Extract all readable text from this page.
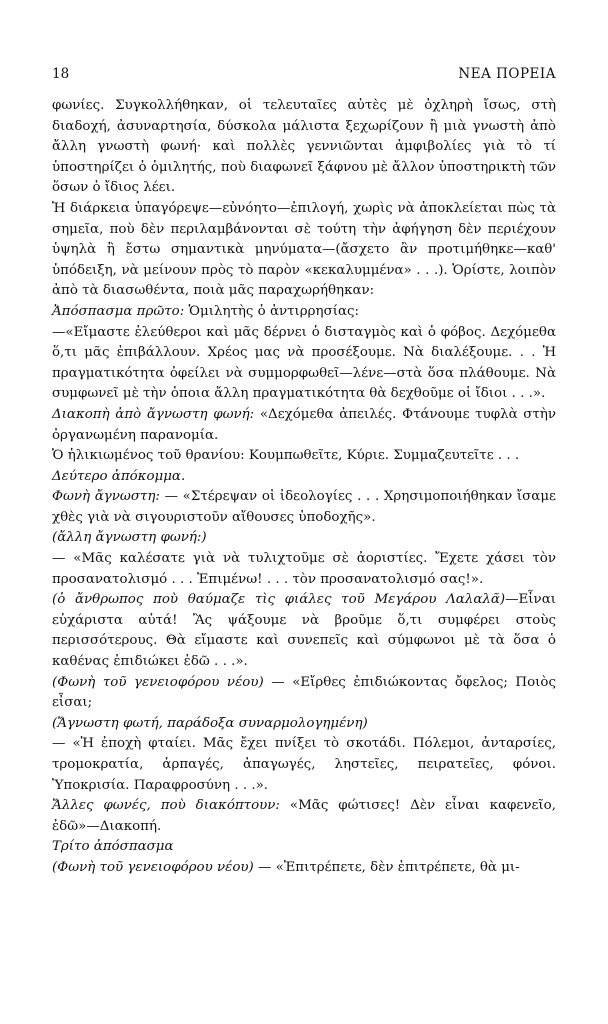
18	ΝΕΑ ΠΟΡΕΙΑ

φωνίες. Συγκολλήθηκαν, οἱ τελευταῖες αὐτὲς μὲ ὀχληρὴ ἴσως, στὴ διαδοχή, ἀσυναρτησία, δύσκολα μάλιστα ξεχωρίζουν ἢ μιὰ γνωστὴ ἀπὸ ἄλλη γνωστὴ φωνή· καὶ πολλὲς γεννιῶνται ἀμφιβολίες γιὰ τὸ τί ὑποστηρίζει ὁ ὁμιλητής, ποὺ διαφωνεῖ ξάφνου μὲ ἄλλον ὑποστηρικτὴ τῶν ὅσων ὁ ἴδιος λέει.

Ἡ διάρκεια ὑπαγόρεψε—εὐνόητο—ἐπιλογή, χωρὶς νὰ ἀποκλείεται πὼς τὰ σημεῖα, ποὺ δὲν περιλαμβάνονται σὲ τούτη τὴν ἀφήγηση δὲν περιέχουν ὑψηλὰ ἢ ἔστω σημαντικὰ μηνύματα—(ἄσχετο ἂν προτιμήθηκε—καθ' ὑπόδειξη, νὰ μείνουν πρὸς τὸ παρὸν «κεκαλυμμένα» . . .). Ὁρίστε, λοιπὸν ἀπὸ τὰ διασωθέντα, ποιὰ μᾶς παραχωρήθηκαν:

Ἀπόσπασμα πρῶτο: Ὁμιλητὴς ὁ ἀντιρρησίας:

—«Εἴμαστε ἐλεύθεροι καὶ μᾶς δέρνει ὁ δισταγμὸς καὶ ὁ φόβος. Δεχόμεθα ὅ,τι μᾶς ἐπιβάλλουν. Χρέος μας νὰ προσέξουμε. Νὰ διαλέξουμε. . . Ἡ πραγματικότητα ὀφείλει νὰ συμμορφωθεῖ—λένε—στὰ ὅσα πλάθουμε. Νὰ συμφωνεῖ μὲ τὴν ὁποια ἄλλη πραγματικότητα θὰ δεχθοῦμε οἱ ἴδιοι . . .».

Διακοπὴ ἀπὸ ἄγνωστη φωνή: «Δεχόμεθα ἀπειλές. Φτάνουμε τυφλὰ στὴν ὀργανωμένη παρανομία.

Ὁ ἡλικιωμένος τοῦ θρανίου: Κουμπωθεῖτε, Κύριε. Συμμαζευτεῖτε . . .

Δεύτερο ἀπόκομμα.

Φωνὴ ἄγνωστη: — «Στέρεψαν οἱ ἰδεολογίες . . . Χρησιμοποιήθηκαν ἴσαμε χθὲς γιὰ νὰ σιγουριστοῦν αἴθουσες ὑποδοχῆς».

(ἄλλη ἄγνωστη φωνή:)

— «Μᾶς καλέσατε γιὰ νὰ τυλιχτοῦμε σὲ ἀοριστίες. Ἔχετε χάσει τὸν προσανατολισμό . . . Ἐπιμένω! . . . τὸν προσανατολισμό σας!».

(ὁ ἄνθρωπος ποὺ θαύμαζε τὶς φιάλες τοῦ Μεγάρου Λαλαλᾶ)—Εἶναι εὐχάριστα αὐτά! Ἂς ψάξουμε νὰ βροῦμε ὅ,τι συμφέρει στοὺς περισσότερους. Θὰ εἴμαστε καὶ συνεπεῖς καὶ σύμφωνοι μὲ τὰ ὅσα ὁ καθένας ἐπιδιώκει ἐδῶ . . .».

(Φωνὴ τοῦ γενειοφόρου νέου) — «Εἴρθες ἐπιδιώκοντας ὄφελος; Ποιὸς εἶσαι;

(Ἄγνωστη φωτή, παράδοξα συναρμολογημένη)

— «Ἡ ἐποχὴ φταίει. Μᾶς ἔχει πνίξει τὸ σκοτάδι. Πόλεμοι, ἀνταρσίες, τρομοκρατία, ἁρπαγές, ἀπαγωγές, ληστεῖες, πειρατεῖες, φόνοι. Ὑποκρισία. Παραφροσύνη . . .».

Ἄλλες φωνές, ποὺ διακόπτουν: «Μᾶς φώτισες! Δὲν εἶναι καφενεῖο, ἐδῶ»—Διακοπή.

Τρίτο ἀπόσπασμα

(Φωνὴ τοῦ γενειοφόρου νέου) — «Ἐπιτρέπετε, δὲν ἐπιτρέπετε, θὰ μι-
